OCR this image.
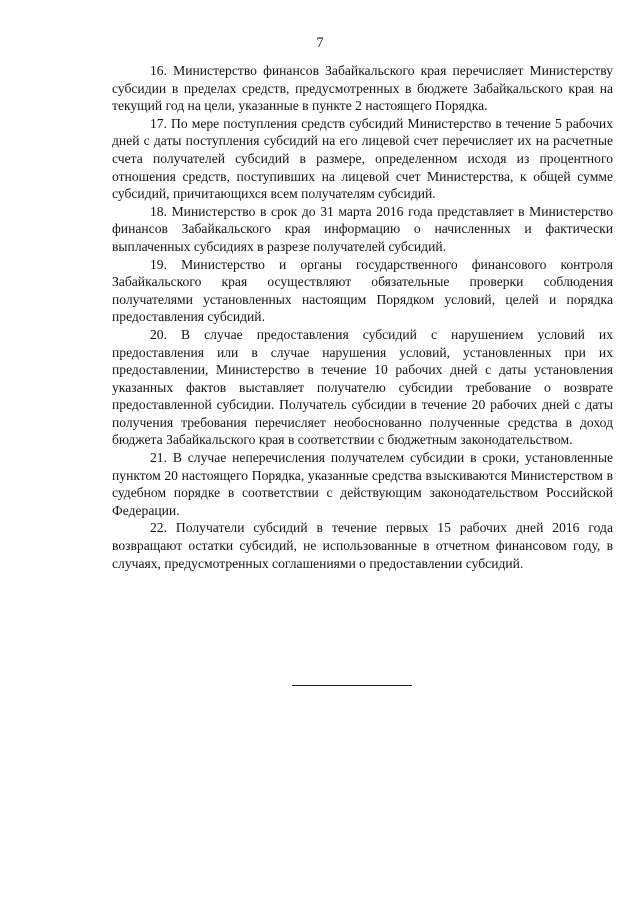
7

16. Министерство финансов Забайкальского края перечисляет Министерству субсидии в пределах средств, предусмотренных в бюджете Забайкальского края на текущий год на цели, указанные в пункте 2 настоящего Порядка.

17. По мере поступления средств субсидий Министерство в течение 5 рабочих дней с даты поступления субсидий на его лицевой счет перечисляет их на расчетные счета получателей субсидий в размере, определенном исходя из процентного отношения средств, поступивших на лицевой счет Министерства, к общей сумме субсидий, причитающихся всем получателям субсидий.

18. Министерство в срок до 31 марта 2016 года представляет в Министерство финансов Забайкальского края информацию о начисленных и фактически выплаченных субсидиях в разрезе получателей субсидий.

19. Министерство и органы государственного финансового контроля Забайкальского края осуществляют обязательные проверки соблюдения получателями установленных настоящим Порядком условий, целей и порядка предоставления субсидий.

20. В случае предоставления субсидий с нарушением условий их предоставления или в случае нарушения условий, установленных при их предоставлении, Министерство в течение 10 рабочих дней с даты установления указанных фактов выставляет получателю субсидии требование о возврате предоставленной субсидии. Получатель субсидии в течение 20 рабочих дней с даты получения требования перечисляет необоснованно полученные средства в доход бюджета Забайкальского края в соответствии с бюджетным законодательством.

21. В случае неперечисления получателем субсидии в сроки, установленные пунктом 20 настоящего Порядка, указанные средства взыскиваются Министерством в судебном порядке в соответствии с действующим законодательством Российской Федерации.

22. Получатели субсидий в течение первых 15 рабочих дней 2016 года возвращают остатки субсидий, не использованные в отчетном финансовом году, в случаях, предусмотренных соглашениями о предоставлении субсидий.
